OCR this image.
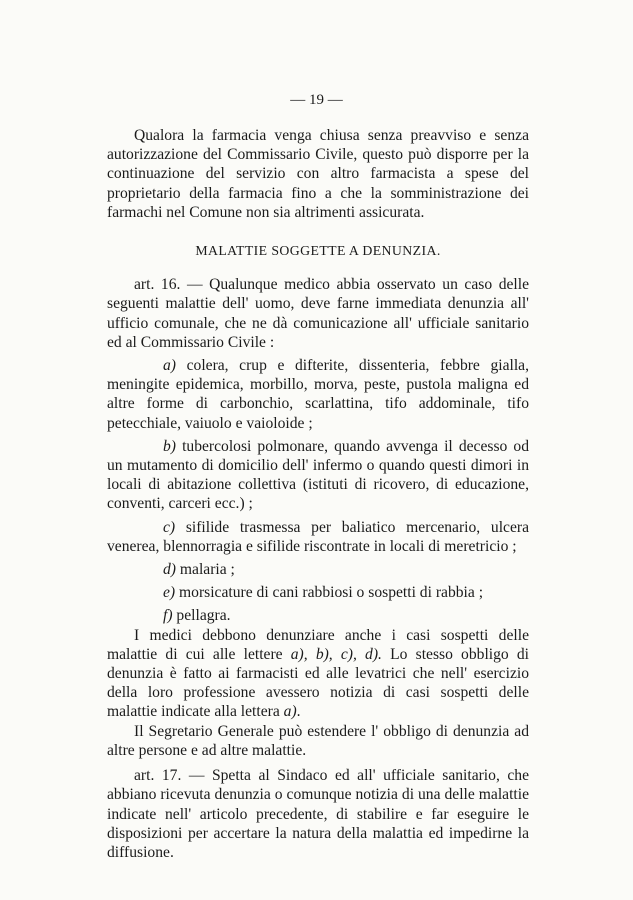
— 19 —

Qualora la farmacia venga chiusa senza preavviso e senza autorizzazione del Commissario Civile, questo può disporre per la continuazione del servizio con altro farmacista a spese del proprietario della farmacia fino a che la somministrazione dei farmachi nel Comune non sia altrimenti assicurata.

MALATTIE SOGGETTE A DENUNZIA.

art. 16. — Qualunque medico abbia osservato un caso delle seguenti malattie dell' uomo, deve farne immediata denunzia all' ufficio comunale, che ne dà comunicazione all' ufficiale sanitario ed al Commissario Civile :

a) colera, crup e difterite, dissenteria, febbre gialla, meningite epidemica, morbillo, morva, peste, pustola maligna ed altre forme di carbonchio, scarlattina, tifo addominale, tifo petecchiale, vaiuolo e vaioloide ;

b) tubercolosi polmonare, quando avvenga il decesso od un mutamento di domicilio dell' infermo o quando questi dimori in locali di abitazione collettiva (istituti di ricovero, di educazione, conventi, carceri ecc.) ;

c) sifilide trasmessa per baliatico mercenario, ulcera venerea, blennorragia e sifilide riscontrate in locali di meretricio ;

d) malaria ;

e) morsicature di cani rabbiosi o sospetti di rabbia ;

f) pellagra.

I medici debbono denunziare anche i casi sospetti delle malattie di cui alle lettere a), b), c), d). Lo stesso obbligo di denunzia è fatto ai farmacisti ed alle levatrici che nell' esercizio della loro professione avessero notizia di casi sospetti delle malattie indicate alla lettera a).

Il Segretario Generale può estendere l' obbligo di denunzia ad altre persone e ad altre malattie.

art. 17. — Spetta al Sindaco ed all' ufficiale sanitario, che abbiano ricevuta denunzia o comunque notizia di una delle malattie indicate nell' articolo precedente, di stabilire e far eseguire le disposizioni per accertare la natura della malattia ed impedirne la diffusione.
